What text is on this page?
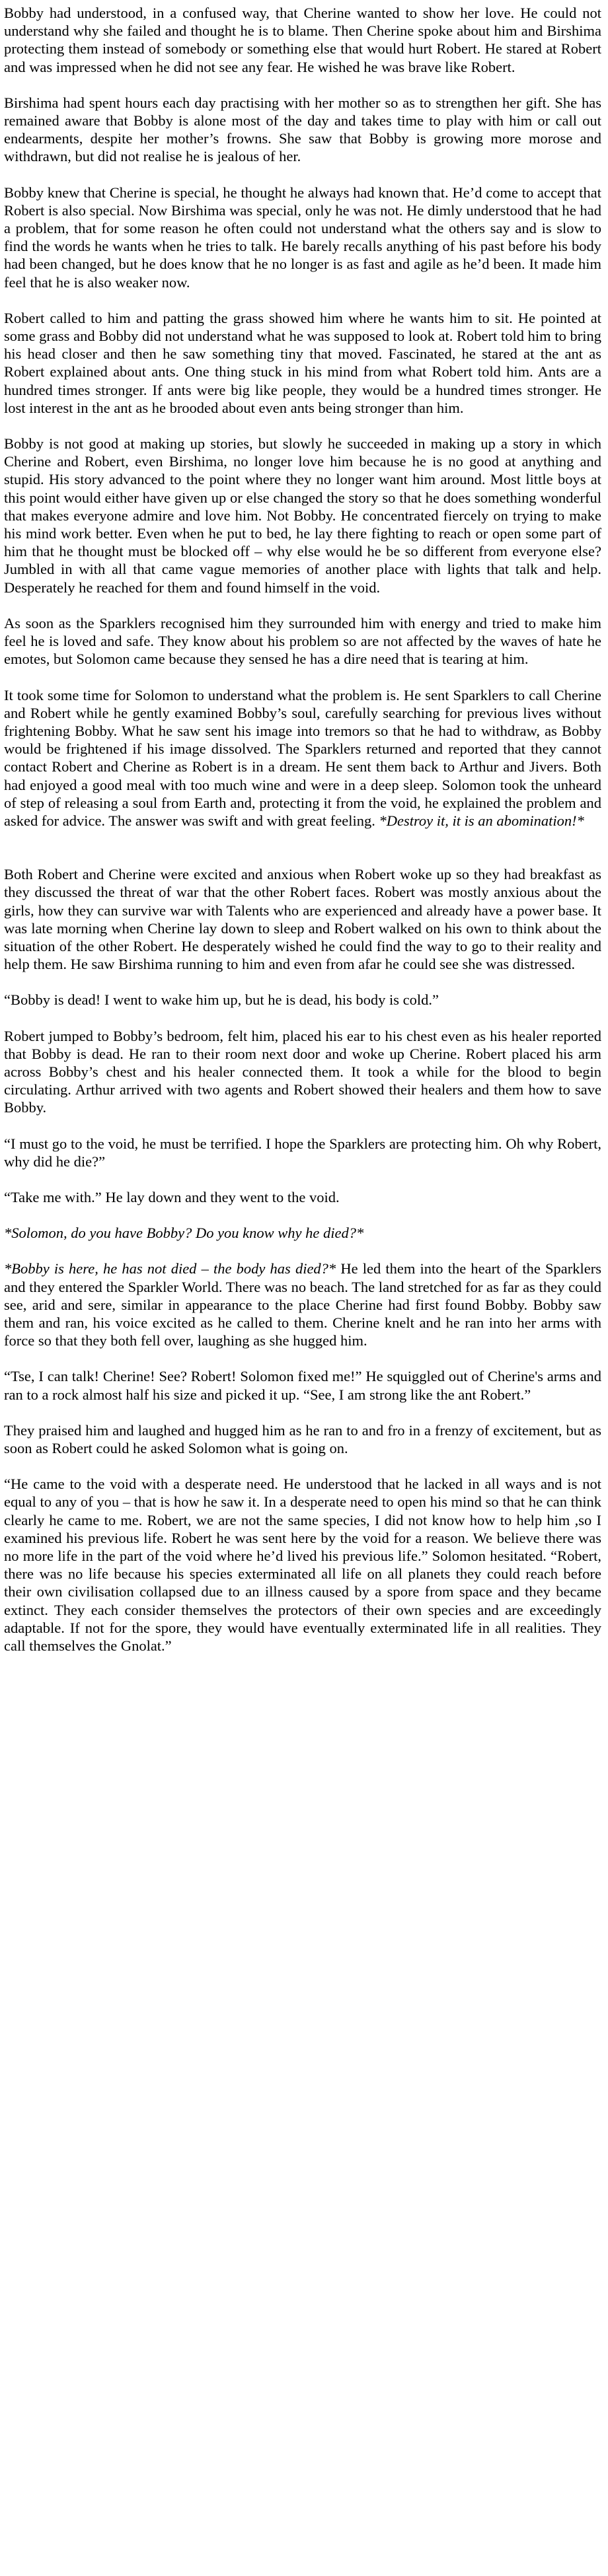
Bobby had understood, in a confused way, that Cherine wanted to show her love. He could not understand why she failed and thought he is to blame. Then Cherine spoke about him and Birshima protecting them instead of somebody or something else that would hurt Robert. He stared at Robert and was impressed when he did not see any fear. He wished he was brave like Robert.

Birshima had spent hours each day practising with her mother so as to strengthen her gift. She has remained aware that Bobby is alone most of the day and takes time to play with him or call out endearments, despite her mother’s frowns. She saw that Bobby is growing more morose and withdrawn, but did not realise he is jealous of her.

Bobby knew that Cherine is special, he thought he always had known that. He’d come to accept that Robert is also special. Now Birshima was special, only he was not. He dimly understood that he had a problem, that for some reason he often could not understand what the others say and is slow to find the words he wants when he tries to talk. He barely recalls anything of his past before his body had been changed, but he does know that he no longer is as fast and agile as he’d been. It made him feel that he is also weaker now.

Robert called to him and patting the grass showed him where he wants him to sit. He pointed at some grass and Bobby did not understand what he was supposed to look at. Robert told him to bring his head closer and then he saw something tiny that moved. Fascinated, he stared at the ant as Robert explained about ants. One thing stuck in his mind from what Robert told him. Ants are a hundred times stronger. If ants were big like people, they would be a hundred times stronger. He lost interest in the ant as he brooded about even ants being stronger than him.

Bobby is not good at making up stories, but slowly he succeeded in making up a story in which Cherine and Robert, even Birshima, no longer love him because he is no good at anything and stupid. His story advanced to the point where they no longer want him around. Most little boys at this point would either have given up or else changed the story so that he does something wonderful that makes everyone admire and love him. Not Bobby. He concentrated fiercely on trying to make his mind work better. Even when he put to bed, he lay there fighting to reach or open some part of him that he thought must be blocked off – why else would he be so different from everyone else? Jumbled in with all that came vague memories of another place with lights that talk and help. Desperately he reached for them and found himself in the void.

As soon as the Sparklers recognised him they surrounded him with energy and tried to make him feel he is loved and safe. They know about his problem so are not affected by the waves of hate he emotes, but Solomon came because they sensed he has a dire need that is tearing at him.

It took some time for Solomon to understand what the problem is. He sent Sparklers to call Cherine and Robert while he gently examined Bobby’s soul, carefully searching for previous lives without frightening Bobby. What he saw sent his image into tremors so that he had to withdraw, as Bobby would be frightened if his image dissolved. The Sparklers returned and reported that they cannot contact Robert and Cherine as Robert is in a dream. He sent them back to Arthur and Jivers. Both had enjoyed a good meal with too much wine and were in a deep sleep. Solomon took the unheard of step of releasing a soul from Earth and, protecting it from the void, he explained the problem and asked for advice. The answer was swift and with great feeling. *Destroy it, it is an abomination!*

Both Robert and Cherine were excited and anxious when Robert woke up so they had breakfast as they discussed the threat of war that the other Robert faces. Robert was mostly anxious about the girls, how they can survive war with Talents who are experienced and already have a power base. It was late morning when Cherine lay down to sleep and Robert walked on his own to think about the situation of the other Robert. He desperately wished he could find the way to go to their reality and help them. He saw Birshima running to him and even from afar he could see she was distressed.

“Bobby is dead! I went to wake him up, but he is dead, his body is cold.”

Robert jumped to Bobby’s bedroom, felt him, placed his ear to his chest even as his healer reported that Bobby is dead. He ran to their room next door and woke up Cherine. Robert placed his arm across Bobby’s chest and his healer connected them. It took a while for the blood to begin circulating. Arthur arrived with two agents and Robert showed their healers and them how to save Bobby.

“I must go to the void, he must be terrified. I hope the Sparklers are protecting him. Oh why Robert, why did he die?”

“Take me with.” He lay down and they went to the void.

*Solomon, do you have Bobby? Do you know why he died?*

*Bobby is here, he has not died – the body has died?* He led them into the heart of the Sparklers and they entered the Sparkler World. There was no beach. The land stretched for as far as they could see, arid and sere, similar in appearance to the place Cherine had first found Bobby. Bobby saw them and ran, his voice excited as he called to them. Cherine knelt and he ran into her arms with force so that they both fell over, laughing as she hugged him.

“Tse, I can talk! Cherine! See? Robert! Solomon fixed me!” He squiggled out of Cherine's arms and ran to a rock almost half his size and picked it up. “See, I am strong like the ant Robert.”

They praised him and laughed and hugged him as he ran to and fro in a frenzy of excitement, but as soon as Robert could he asked Solomon what is going on.

“He came to the void with a desperate need. He understood that he lacked in all ways and is not equal to any of you – that is how he saw it. In a desperate need to open his mind so that he can think clearly he came to me. Robert, we are not the same species, I did not know how to help him ,so I examined his previous life. Robert he was sent here by the void for a reason. We believe there was no more life in the part of the void where he’d lived his previous life.” Solomon hesitated. “Robert, there was no life because his species exterminated all life on all planets they could reach before their own civilisation collapsed due to an illness caused by a spore from space and they became extinct. They each consider themselves the protectors of their own species and are exceedingly adaptable. If not for the spore, they would have eventually exterminated life in all realities. They call themselves the Gnolat.”
